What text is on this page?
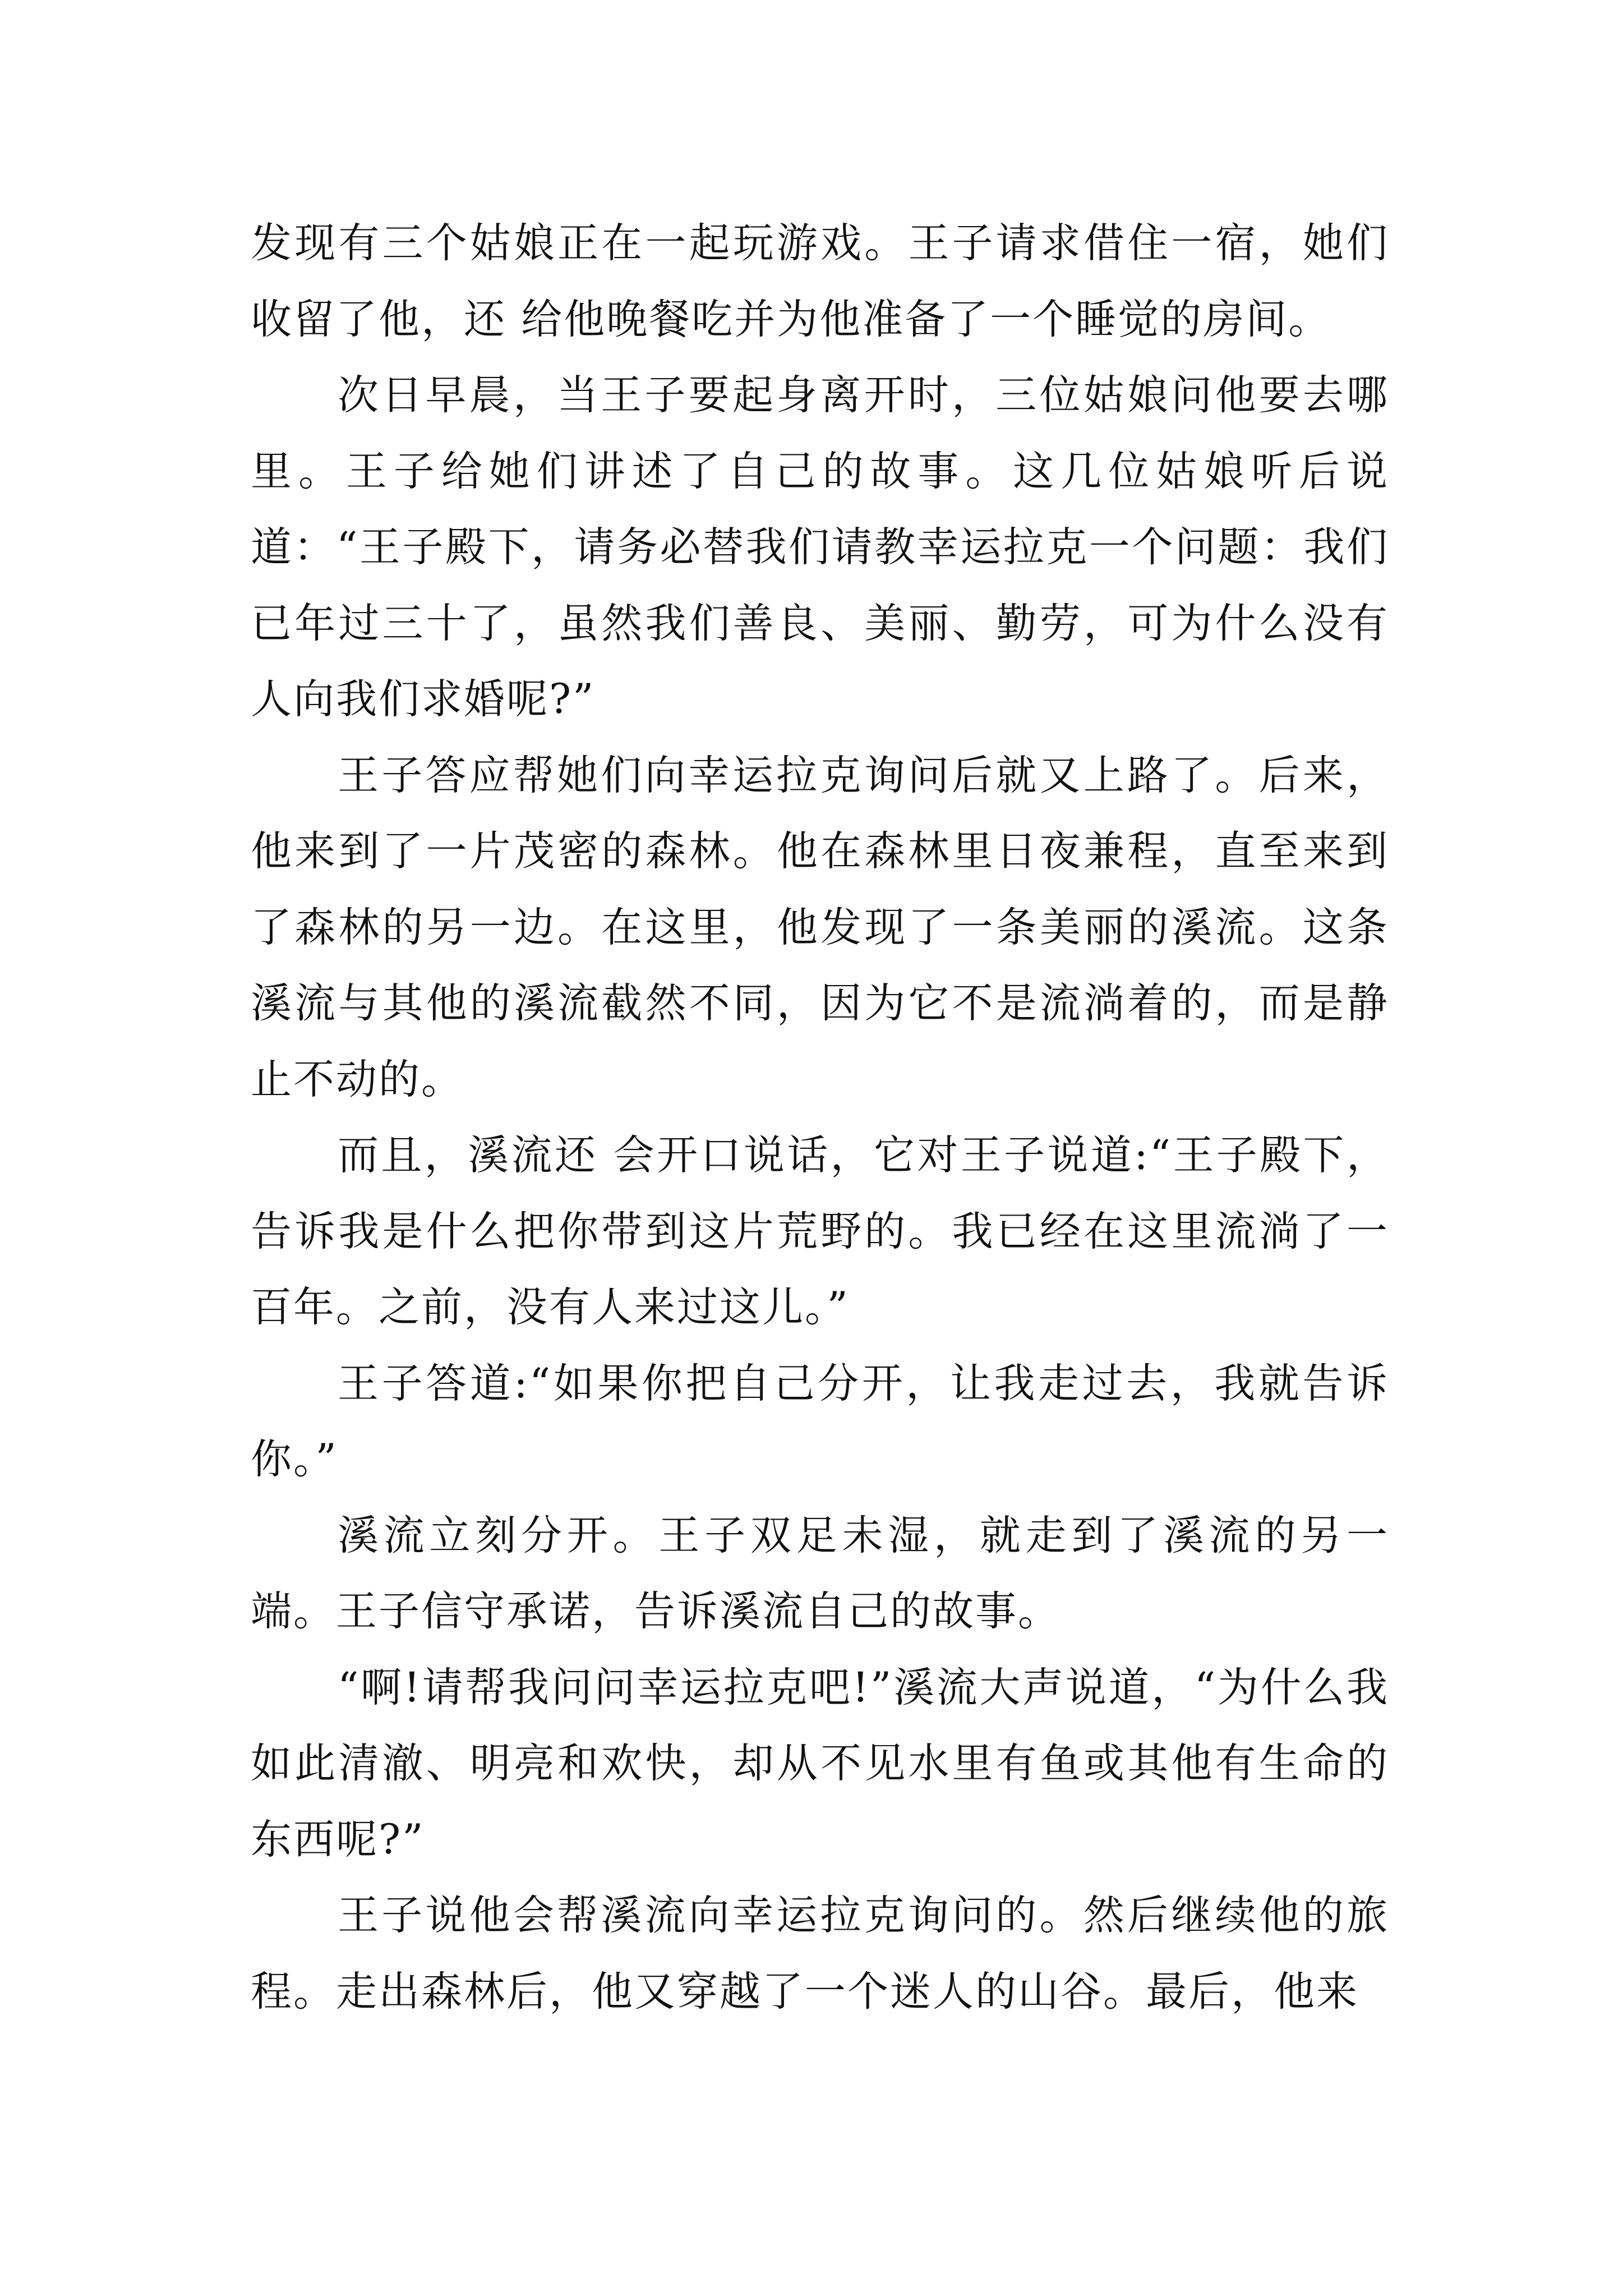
发现有三个姑娘正在一起玩游戏。王子请求借住一宿，她们收留了他，还 给他晚餐吃并为他准备了一个睡觉的房间。

次日早晨，当王子要起身离开时，三位姑娘问他要去哪里。王子给她们讲述了自己的故事。这几位姑娘听后说道：“王子殿下，请务必替我们请教幸运拉克一个问题：我们已年过三十了，虽然我们善良、美丽、勤劳，可为什么没有人向我们求婚呢?”

王子答应帮她们向幸运拉克询问后就又上路了。后来，他来到了一片茂密的森林。他在森林里日夜兼程，直至来到了森林的另一边。在这里，他发现了一条美丽的溪流。这条溪流与其他的溪流截然不同，因为它不是流淌着的，而是静止不动的。

而且，溪流还 会开口说话，它对王子说道:“王子殿下，告诉我是什么把你带到这片荒野的。我已经在这里流淌了一百年。之前，没有人来过这儿。”

王子答道:“如果你把自己分开，让我走过去，我就告诉你。”

溪流立刻分开。王子双足未湿，就走到了溪流的另一端。王子信守承诺，告诉溪流自己的故事。

“啊!请帮我问问幸运拉克吧!”溪流大声说道，“为什么我如此清澈、明亮和欢快，却从不见水里有鱼或其他有生命的东西呢?”

王子说他会帮溪流向幸运拉克询问的。然后继续他的旅程。走出森林后，他又穿越了一个迷人的山谷。最后，他来
